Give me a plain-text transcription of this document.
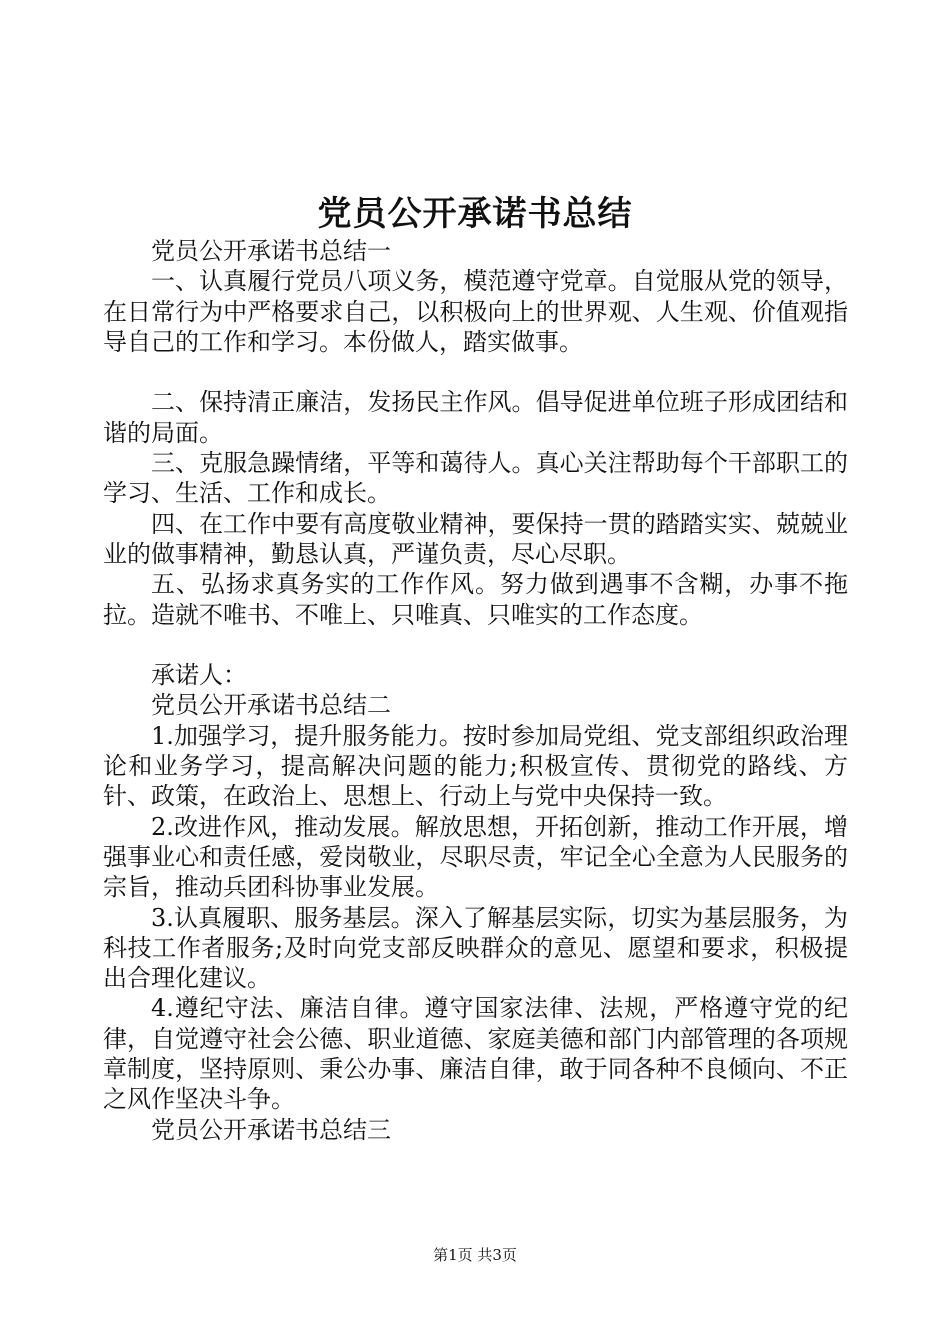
党员公开承诺书总结

党员公开承诺书总结一

一、认真履行党员八项义务，模范遵守党章。自觉服从党的领导，在日常行为中严格要求自己，以积极向上的世界观、人生观、价值观指导自己的工作和学习。本份做人，踏实做事。

二、保持清正廉洁，发扬民主作风。倡导促进单位班子形成团结和谐的局面。

三、克服急躁情绪，平等和蔼待人。真心关注帮助每个干部职工的学习、生活、工作和成长。

四、在工作中要有高度敬业精神，要保持一贯的踏踏实实、兢兢业业的做事精神，勤恳认真，严谨负责，尽心尽职。

五、弘扬求真务实的工作作风。努力做到遇事不含糊，办事不拖拉。造就不唯书、不唯上、只唯真、只唯实的工作态度。

承诺人：

党员公开承诺书总结二

1.加强学习，提升服务能力。按时参加局党组、党支部组织政治理论和业务学习，提高解决问题的能力;积极宣传、贯彻党的路线、方针、政策，在政治上、思想上、行动上与党中央保持一致。

2.改进作风，推动发展。解放思想，开拓创新，推动工作开展，增强事业心和责任感，爱岗敬业，尽职尽责，牢记全心全意为人民服务的宗旨，推动兵团科协事业发展。

3.认真履职、服务基层。深入了解基层实际，切实为基层服务，为科技工作者服务;及时向党支部反映群众的意见、愿望和要求，积极提出合理化建议。

4.遵纪守法、廉洁自律。遵守国家法律、法规，严格遵守党的纪律，自觉遵守社会公德、职业道德、家庭美德和部门内部管理的各项规章制度，坚持原则、秉公办事、廉洁自律，敢于同各种不良倾向、不正之风作坚决斗争。

党员公开承诺书总结三

第1页 共3页
